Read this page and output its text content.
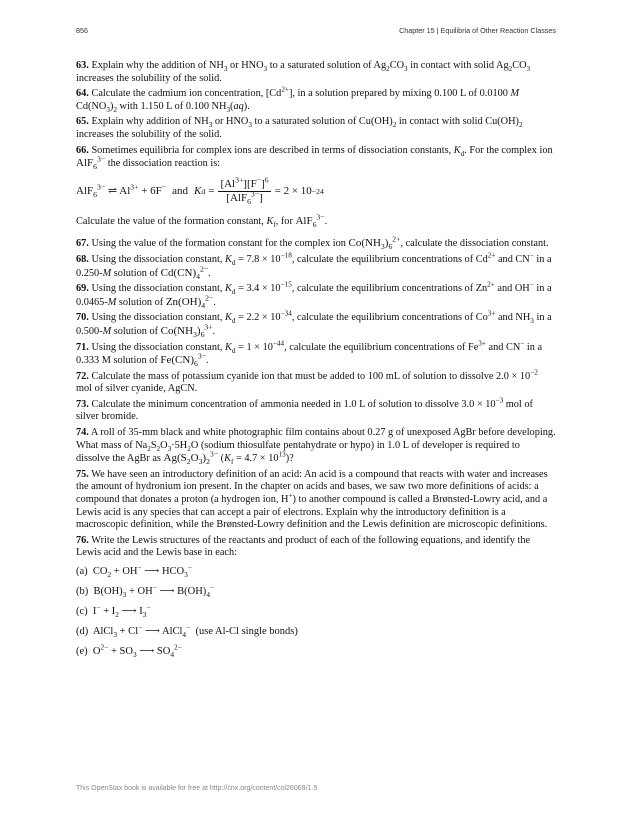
856	Chapter 15 | Equilibria of Other Reaction Classes

63. Explain why the addition of $NH_3$ or $HNO_3$ to a saturated solution of $Ag_2CO_3$ in contact with solid $Ag_2CO_3$ increases the solubility of the solid.

64. Calculate the cadmium ion concentration, $[Cd^{2+}]$, in a solution prepared by mixing 0.100 L of 0.0100 M $Cd(NO_3)_2$ with 1.150 L of 0.100 $NH_3(aq)$.

65. Explain why addition of $NH_3$ or $HNO_3$ to a saturated solution of $Cu(OH)_2$ in contact with solid $Cu(OH)_2$ increases the solubility of the solid.

66. Sometimes equilibria for complex ions are described in terms of dissociation constants, $K_d$. For the complex ion AlF$_6^{3-}$ the dissociation reaction is:

AlF$_6^{3-}$ ⇌ $Al^{3+} + 6F^-$ and K $d = \frac{[Al^{3+}][F^-]^6}{[AlF_6^{3-}]} = 2 \times 10 -24$

Calculate the value of the formation constant, $K_f$, for AlF$_6^{3-}$.

67. Using the value of the formation constant for the complex ion $Co(NH_3)_6^{2+}$, calculate the dissociation constant.

68. Using the dissociation constant, $K_d = 7.8 \times 10^{-18}$, calculate the equilibrium concentrations of $Cd^{2+}$ and CN− in a 0.250-M solution of $Cd(CN)_4^{2-}$.

69. Using the dissociation constant, $K_d = 3.4 \times 10^{-15}$, calculate the equilibrium concentrations of $Zn^{2+}$ and OH− in a 0.0465-M solution of $Zn(OH)_4^{2-}$.

70. Using the dissociation constant, $K_d = 2.2 \times 10^{-34}$, calculate the equilibrium concentrations of $Co^{3+}$ and $NH_3$ in a 0.500-M solution of $Co(NH_3)_6^{3+}$.

71. Using the dissociation constant, $K_d = 1 \times 10^{-44}$, calculate the equilibrium concentrations of $Fe^{3+}$ and CN− in a 0.333 M solution of $Fe(CN)_6^{3-}$.

72. Calculate the mass of potassium cyanide ion that must be added to 100 mL of solution to dissolve $2.0 \times 10^{-2}$ mol of silver cyanide, AgCN.

73. Calculate the minimum concentration of ammonia needed in 1.0 L of solution to dissolve $3.0 \times 10^{-3}$ mol of silver bromide.

74. A roll of 35-mm black and white photographic film contains about 0.27 g of unexposed AgBr before developing. What mass of $Na_2S_2O_3\cdot 5H_2O$ (sodium thiosulfate pentahydrate or hypo) in 1.0 L of developer is required to dissolve the AgBr as $Ag(S_2O_3)_2^{3-}$ $(K_f = 4.7 \times 10^{13})$?

75. We have seen an introductory definition of an acid: An acid is a compound that reacts with water and increases the amount of hydronium ion present. In the chapter on acids and bases, we saw two more definitions of acids: a compound that donates a proton (a hydrogen ion, H+) to another compound is called a Brønsted-Lowry acid, and a Lewis acid is any species that can accept a pair of electrons. Explain why the introductory definition is a macroscopic definition, while the Brønsted-Lowry definition and the Lewis definition are microscopic definitions.

76. Write the Lewis structures of the reactants and product of each of the following equations, and identify the Lewis acid and the Lewis base in each:

(a)  $CO_2 + OH^-$ ⟶ $HCO_3^-$
(b)  $B(OH)_3 + OH^-$ ⟶ $B(OH)_4^-$
(c)  $I^- + I_2$ ⟶ $I_3^-$
(d)  AlCl$_3$ + Cl− ⟶ AlCl$_4$− (use Al-Cl single bonds)
(e)  $O^{2-} + SO_3$ ⟶ $SO_4^{2-}$
This OpenStax book is available for free at http://cnx.org/content/col26069/1.5
